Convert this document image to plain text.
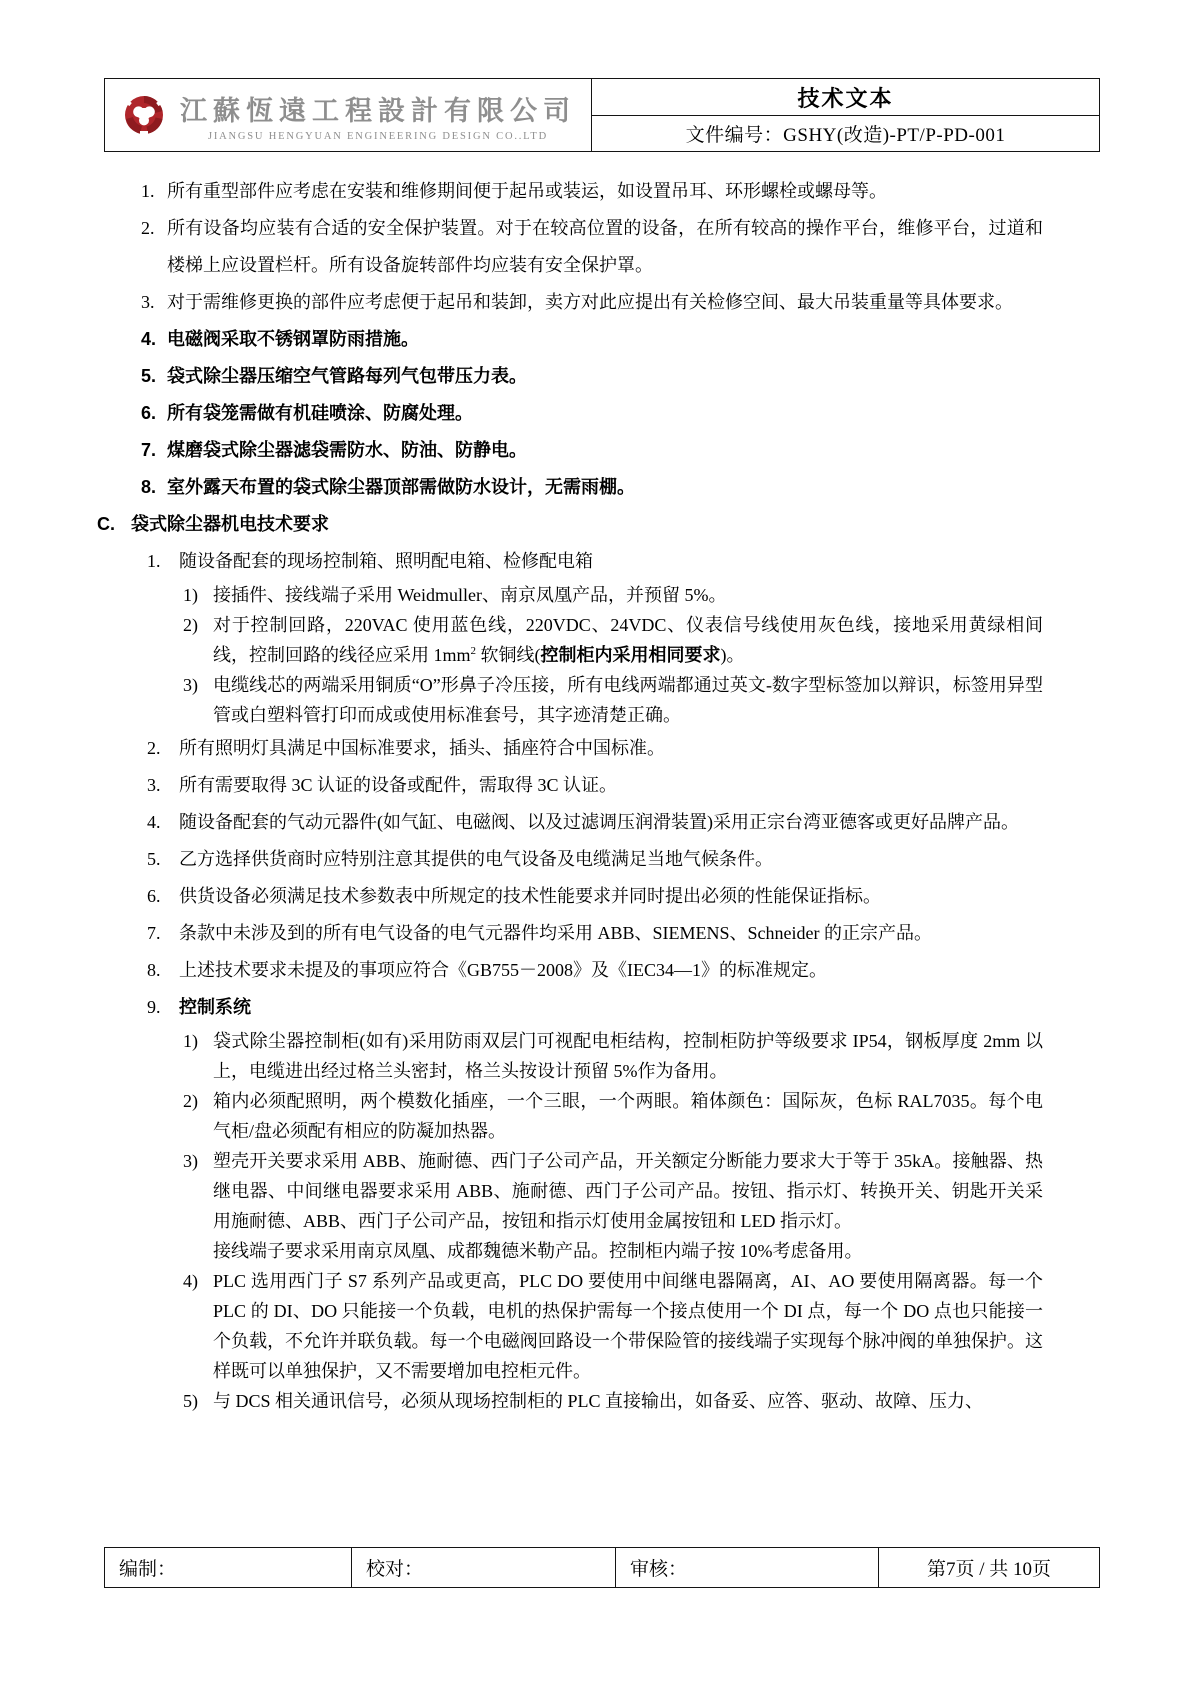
江蘇恆遠工程設計有限公司
JIANGSU HENGYUAN ENGINEERING DESIGN CO..LTD
技术文本
文件编号： GSHY(改造)-PT/P-PD-001
1. 所有重型部件应考虑在安装和维修期间便于起吊或装运，如设置吊耳、环形螺栓或螺母等。
2. 所有设备均应装有合适的安全保护装置。对于在较高位置的设备，在所有较高的操作平台，维修平台，过道和楼梯上应设置栏杆。所有设备旋转部件均应装有安全保护罩。
3. 对于需维修更换的部件应考虑便于起吊和装卸，卖方对此应提出有关检修空间、最大吊装重量等具体要求。
4. 电磁阀采取不锈钢罩防雨措施。
5. 袋式除尘器压缩空气管路每列气包带压力表。
6. 所有袋笼需做有机硅喷涂、防腐处理。
7. 煤磨袋式除尘器滤袋需防水、防油、防静电。
8. 室外露天布置的袋式除尘器顶部需做防水设计，无需雨棚。
C. 袋式除尘器机电技术要求
1.	随设备配套的现场控制箱、照明配电箱、检修配电箱
1) 接插件、接线端子采用 Weidmuller、南京凤凰产品，并预留 5%。
2) 对于控制回路，220VAC 使用蓝色线，220VDC、24VDC、仪表信号线使用灰色线，接地采用黄绿相间线，控制回路的线径应采用 $1mm^2$ 软铜线(控制柜内采用相同要求)。
3) 电缆线芯的两端采用铜质“O”形鼻子冷压接，所有电线两端都通过英文-数字型标签加以辩识，标签用异型管或白塑料管打印而成或使用标准套号，其字迹清楚正确。
2.	所有照明灯具满足中国标准要求，插头、插座符合中国标准。
3.	所有需要取得 3C 认证的设备或配件，需取得 3C 认证。
4.	随设备配套的气动元器件(如气缸、电磁阀、以及过滤调压润滑装置)采用正宗台湾亚德客或更好品牌产品。
5.	乙方选择供货商时应特别注意其提供的电气设备及电缆满足当地气候条件。
6.	供货设备必须满足技术参数表中所规定的技术性能要求并同时提出必须的性能保证指标。
7.	条款中未涉及到的所有电气设备的电气元器件均采用 ABB、SIEMENS、Schneider 的正宗产品。
8.	上述技术要求未提及的事项应符合《GB755－2008》及《IEC34—1》的标准规定。
9.	控制系统
1) 袋式除尘器控制柜(如有)采用防雨双层门可视配电柜结构，控制柜防护等级要求 IP54，钢板厚度 2mm 以上，电缆进出经过格兰头密封，格兰头按设计预留 5%作为备用。
2) 箱内必须配照明，两个模数化插座，一个三眼，一个两眼。箱体颜色：国际灰，色标 RAL7035。每个电气柜/盘必须配有相应的防凝加热器。
3) 塑壳开关要求采用 ABB、施耐德、西门子公司产品，开关额定分断能力要求大于等于 35kA。接触器、热继电器、中间继电器要求采用 ABB、施耐德、西门子公司产品。按钮、指示灯、转换开关、钥匙开关采用施耐德、ABB、西门子公司产品，按钮和指示灯使用金属按钮和 LED 指示灯。
接线端子要求采用南京凤凰、成都魏德米勒产品。控制柜内端子按 10%考虑备用。
4) PLC 选用西门子 S7 系列产品或更高，PLC DO 要使用中间继电器隔离，AI、AO 要使用隔离器。每一个 PLC 的 DI、DO 只能接一个负载，电机的热保护需每一个接点使用一个 DI 点，每一个 DO 点也只能接一个负载，不允许并联负载。每一个电磁阀回路设一个带保险管的接线端子实现每个脉冲阀的单独保护。这样既可以单独保护，又不需要增加电控柜元件。
5) 与 DCS 相关通讯信号，必须从现场控制柜的 PLC 直接输出，如备妥、应答、驱动、故障、压力、
编制：	校对：	审核：	第7页 / 共 10页
